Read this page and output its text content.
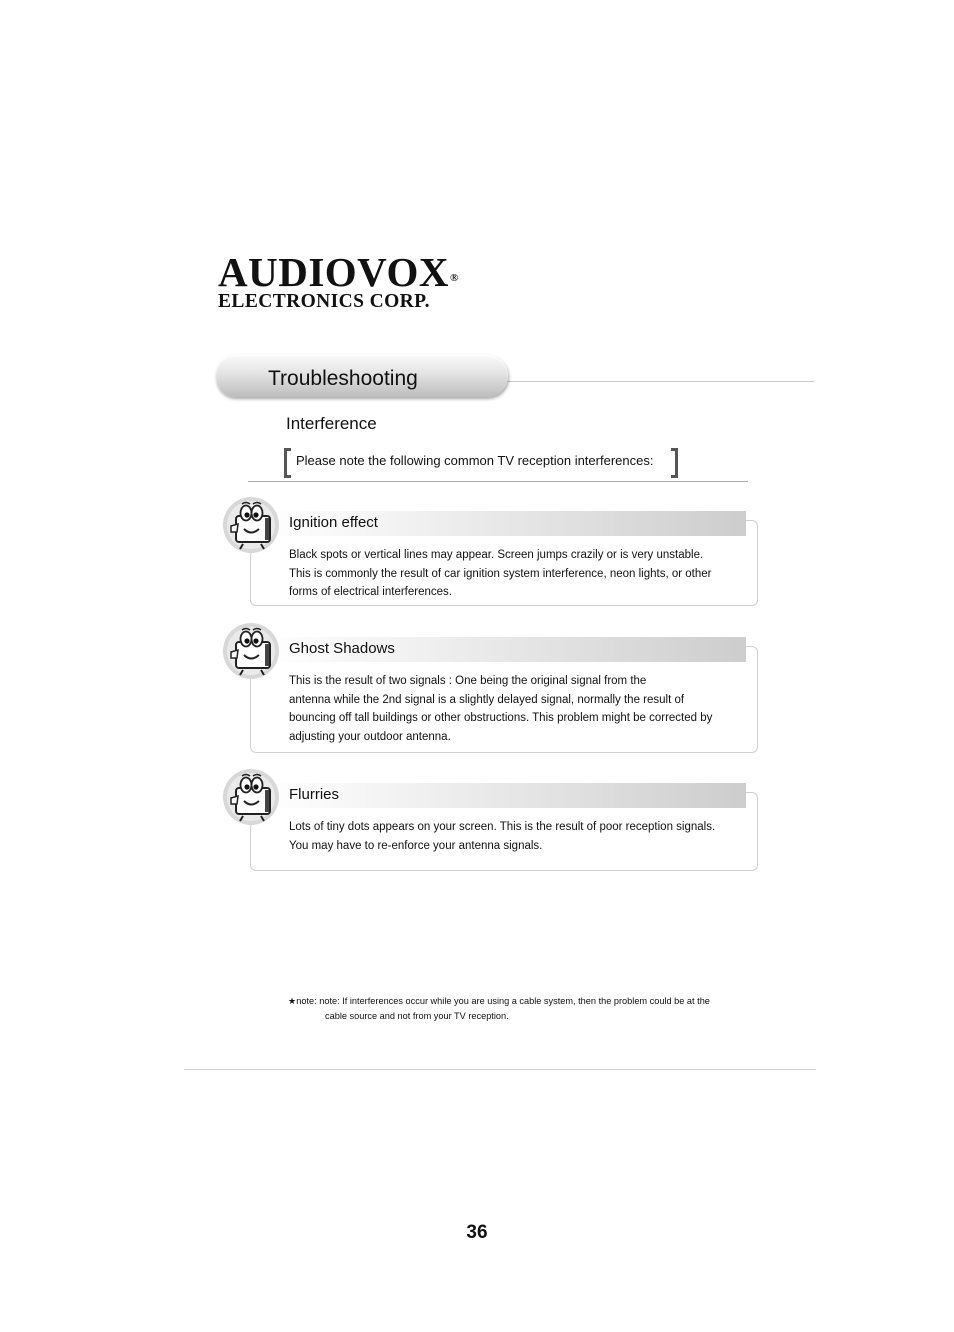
AUDIOVOX®
ELECTRONICS CORP.
Troubleshooting
Interference
Please note the following common TV reception interferences:
Ignition effect
Black spots or vertical lines may appear. Screen jumps crazily or is very unstable.
This is commonly the result of car ignition system interference, neon lights, or other
forms of electrical interferences.
Ghost Shadows
This is the result of two signals : One being the original signal from the
antenna while the 2nd signal is a slightly delayed signal, normally the result of
bouncing off tall buildings or other obstructions. This problem might be corrected by
adjusting your outdoor antenna.
Flurries
Lots of tiny dots appears on your screen. This is the result of poor reception signals.
You may have to re-enforce your antenna signals.
★note: note: If interferences occur while you are using a cable system, then the problem could be at the
cable source and not from your TV reception.
36
